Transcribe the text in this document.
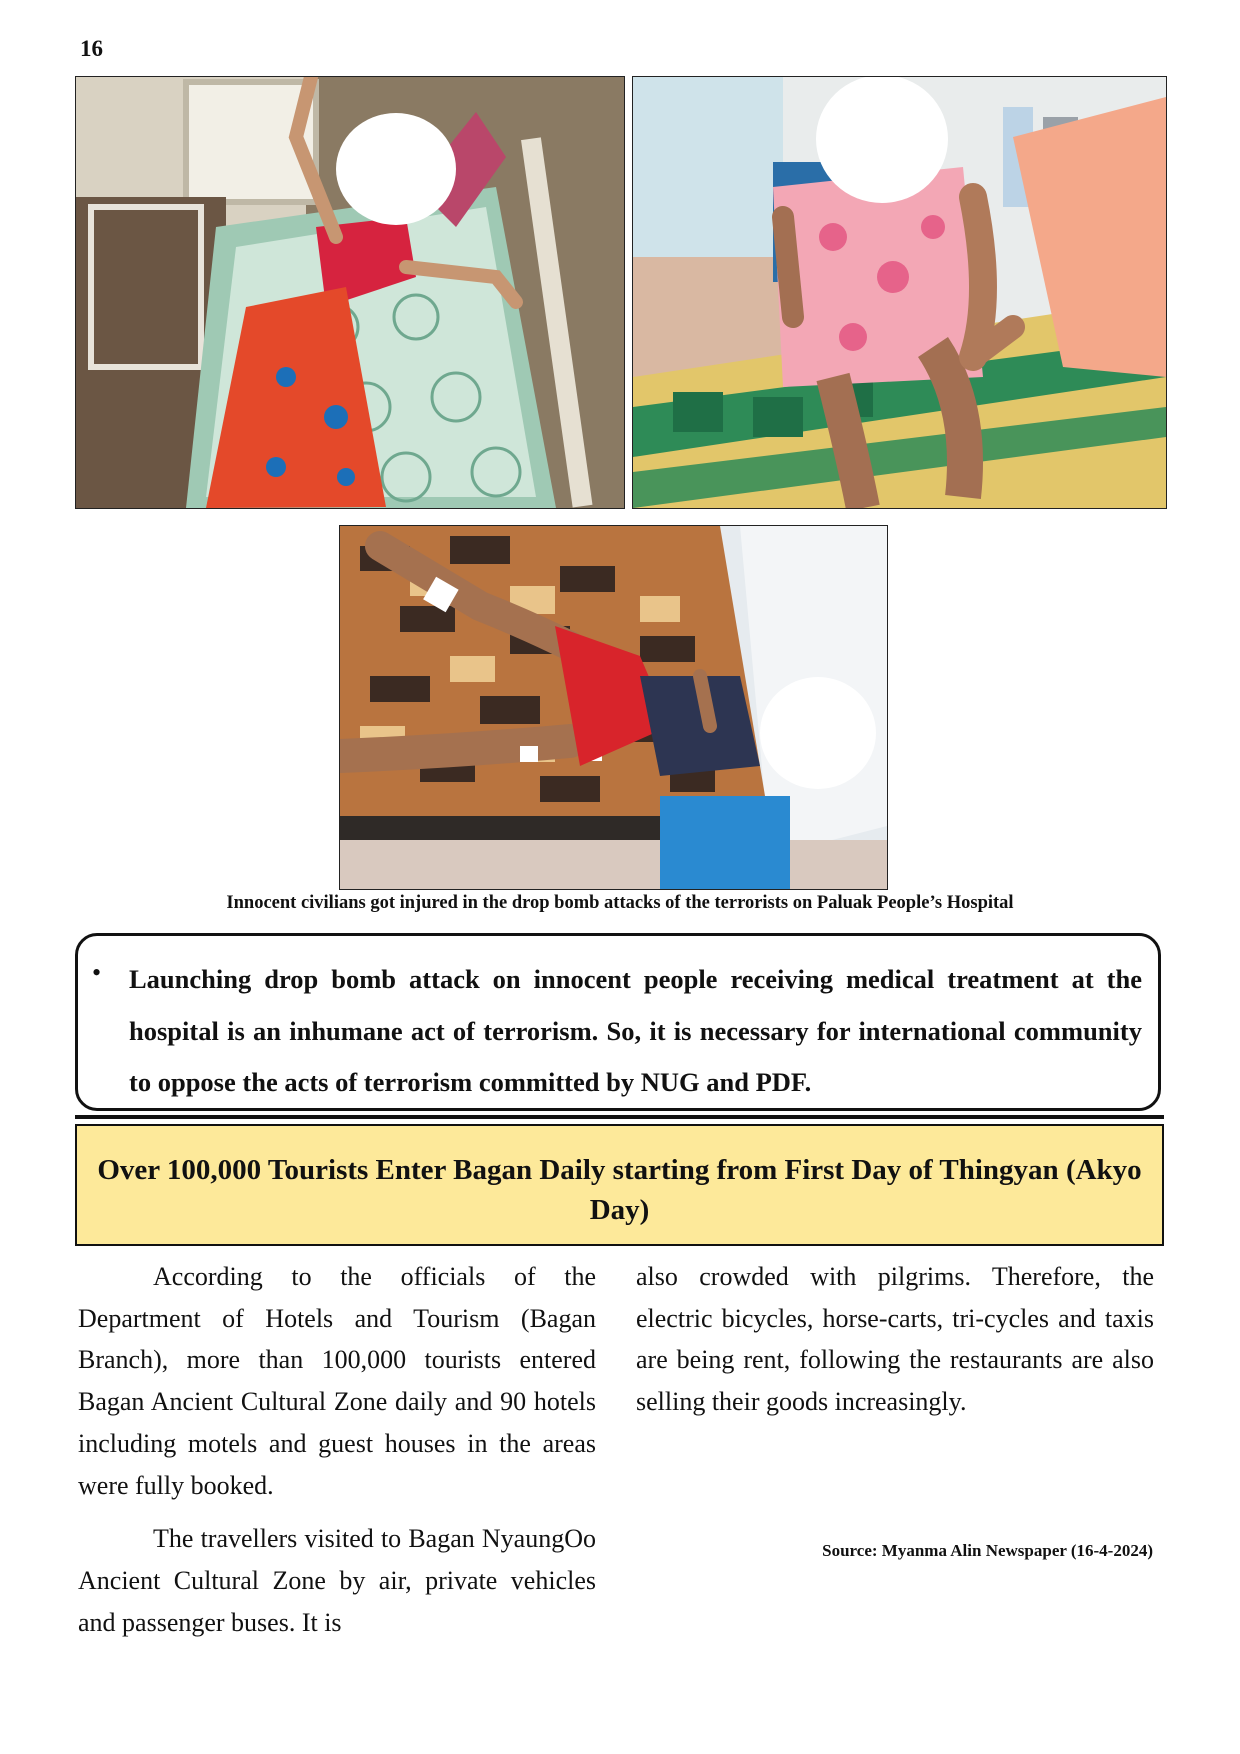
16
Innocent civilians got injured in the drop bomb attacks of the terrorists on Paluak People’s Hospital
• Launching drop bomb attack on innocent people receiving medical treatment at the hospital is an inhumane act of terrorism. So, it is necessary for international community to oppose the acts of terrorism committed by NUG and PDF.
Over 100,000 Tourists Enter Bagan Daily starting from First Day of Thingyan (Akyo Day)

According to the officials of the Department of Hotels and Tourism (Bagan Branch), more than 100,000 tourists entered Bagan Ancient Cultural Zone daily and 90 hotels including motels and guest houses in the areas were fully booked.

The travellers visited to Bagan NyaungOo Ancient Cultural Zone by air, private vehicles and passenger buses. It is

also crowded with pilgrims. Therefore, the electric bicycles, horse-carts, tri-cycles and taxis are being rent, following the restaurants are also selling their goods increasingly.

Source: Myanma Alin Newspaper (16-4-2024)
